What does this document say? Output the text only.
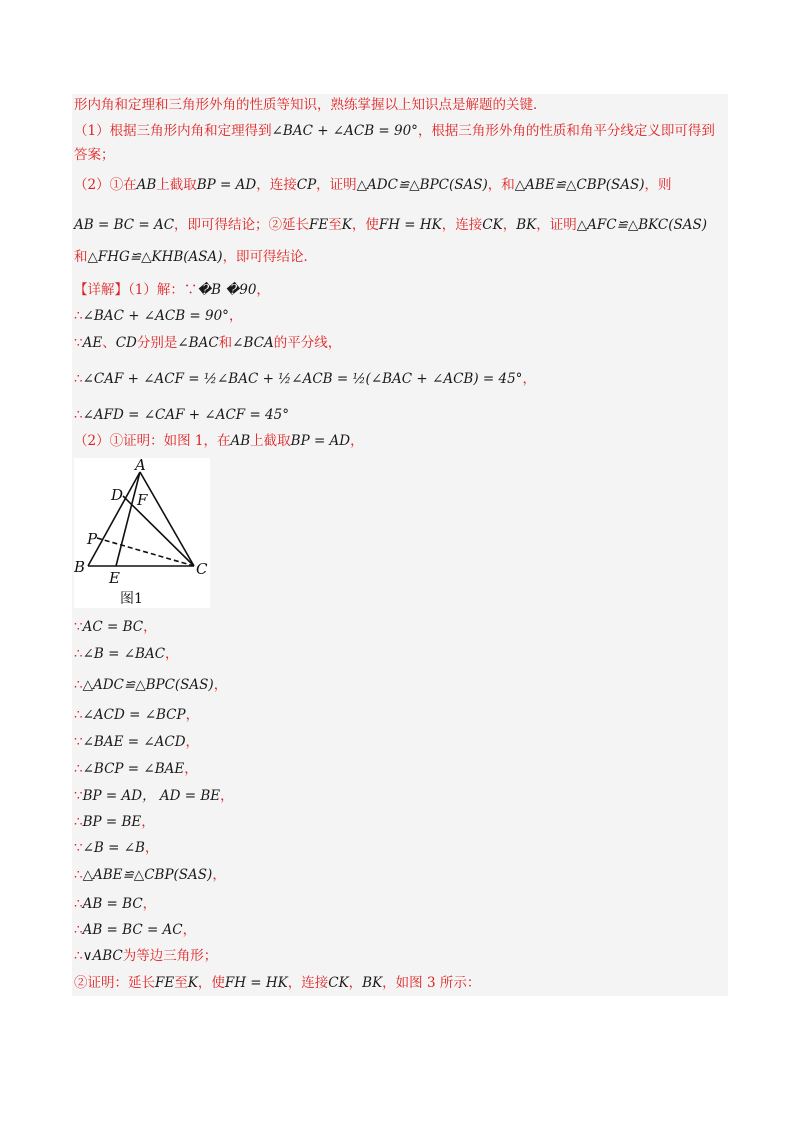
形内角和定理和三角形外角的性质等知识，熟练掌握以上知识点是解题的关键．
（1）根据三角形内角和定理得到∠BAC + ∠ACB = 90°，根据三角形外角的性质和角平分线定义即可得到
答案；
（2）①在AB上截取BP = AD，连接CP，证明△ADC≌△BPC(SAS)，和△ABE≌△CBP(SAS)，则
AB = BC = AC，即可得结论；②延长FE至K，使FH = HK，连接CK，BK，证明△AFC≌△BKC(SAS)
和△FHG≌△KHB(ASA)，即可得结论．
【详解】（1）解：∵�B �90，
∴∠BAC + ∠ACB = 90°，
∵AE、CD分别是∠BAC和∠BCA的平分线，
∴∠CAF + ∠ACF = ½∠BAC + ½∠ACB = ½(∠BAC + ∠ACB) = 45°，
∴∠AFD = ∠CAF + ∠ACF = 45°
（2）①证明：如图 1，在AB上截取BP = AD，
A
D F
P
B
E	C
图1
∵AC = BC，
∴∠B = ∠BAC，
∴△ADC≌△BPC(SAS)，
∴∠ACD = ∠BCP，
∵∠BAE = ∠ACD，
∴∠BCP = ∠BAE，
∵BP = AD， AD = BE，
∴BP = BE，
∵∠B = ∠B，
∴△ABE≌△CBP(SAS)，
∴AB = BC，
∴AB = BC = AC，
∴∨ABC为等边三角形；
②证明：延长FE至K，使FH = HK，连接CK，BK，如图 3 所示：
